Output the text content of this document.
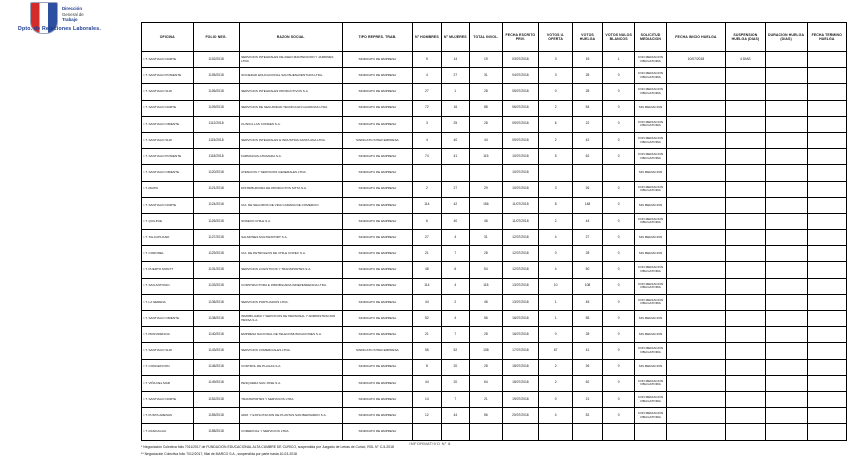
Dirección
General de
Trabajo
Dpto. de Relaciones Laborales.
OFICINA	FOLIO NEG.	RAZON SOCIAL	TIPO REPRES. TRAB.	N° HOMBRES	N° MUJERES	TOTAL INVOL.	FECHA ESCRITO PRIV.	VOTOS U. OFERTA	VOTOS HUELGA	VOTOS NULOS BLANCOS	SOLICITUD MEDIACION	FECHA INICIO HUELGA	SUSPENSION HUELGA (DIAS)	DURACION HUELGA (DIAS)	FECHA TERMINO HUELGA
I.T. SANTIAGO NORTE	1102/2018	SERVICIOS INTEGRALES DE ASEO MANTENCION Y JARDINES LTDA.	SINDICATO DE EMPRESA	5	14	19	03/07/2018	3	15	1	CON MEDIACION OBLIGATORIA	10/07/2018	4 DIAS		
I.T. SANTIAGO PONIENTE	1105/2018	SOCIEDAD EDUCACIONAL SAN BUENAVENTURA LTDA.	SINDICATO DE EMPRESA	4	27	31	04/07/2018	3	28	0	CON MEDIACION OBLIGATORIA				
I.T. SANTIAGO SUR	1106/2018	SERVICIOS INTEGRALES PRODUCTIVOS S.A.	SINDICATO DE EMPRESA	27	1	28	05/07/2018	0	28	0	CON MEDIACION OBLIGATORIA				
I.T. SANTIAGO NORTE	1109/2018	SERVICIOS DE SEGURIDAD TECNICA EN GUARDIAS LTDA.	SINDICATO DE EMPRESA	72	16	88	06/07/2018	2	54	0	SIN MEDIACION				
I.T. SANTIAGO ORIENTE	1112/2018	CLINICA LAS CONDES S.A.	SINDICATO DE EMPRESA	3	25	28	09/07/2018	6	22	0	CON MEDIACION OBLIGATORIA				
I.T. SANTIAGO SUR	1115/2018	SERVICIOS INTEGRALES E INDUSTRIA SANTA ANA LTDA.	SINDICATO INTER EMPRESA	4	40	44	09/07/2018	2	42	0	CON MEDIACION OBLIGATORIA				
I.T. SANTIAGO PONIENTE	1118/2018	FARMACIAS AHUMADA S.A.	SINDICATO DE EMPRESA	74	41	115	10/07/2018	5	62	0	CON MEDIACION OBLIGATORIA				
I.T. SANTIAGO ORIENTE	1120/2018	ATENCION Y SERVICIOS GENERALES LTDA.	SINDICATO DE EMPRESA				10/07/2018				SIN MEDIACION				
I.T. MAIPU	1121/2018	DISTRIBUIDORA DE PRODUCTOS SITTA S.A.	SINDICATO DE EMPRESA	2	27	29	10/07/2018	3	26	0	CON MEDIACION OBLIGATORIA				
I.T. SANTIAGO NORTE	1124/2018	CIA. DE SEGUROS DE VIDA CAMARA DE COMERCIO	SINDICATO DE EMPRESA	114	42	156	11/07/2018	8	148	0	SIN MEDIACION				
I.T. QUILPUE	1126/2018	SODEXO CHILE S.A.	SINDICATO DE EMPRESA	6	40	46	11/07/2018	2	44	0	CON MEDIACION OBLIGATORIA				
I.T. TALCAHUANO	1127/2018	SALMONES MULTIEXPORT S.A.	SINDICATO DE EMPRESA	27	4	31	12/07/2018	4	27	0	SIN MEDIACION				
I.T. CORONEL	1129/2018	CIA. DE PETROLEOS DE CHILE COPEC S.A.	SINDICATO DE EMPRESA	21	7	28	12/07/2018	0	28	0	SIN MEDIACION				
I.T. PUERTO MONTT	1131/2018	SERVICIOS LOGISTICOS Y TRANSPORTES S.A.	SINDICATO DE EMPRESA	48	6	54	12/07/2018	4	50	0	CON MEDIACION OBLIGATORIA				
I.T. SAN ANTONIO	1133/2018	CONSTRUCTORA E INMOBILIARIA INDEPENDENCIA LTDA.	SINDICATO DE EMPRESA	114	4	118	13/07/2018	10	108	0	CON MEDIACION OBLIGATORIA				
I.T. LA SERENA	1136/2018	SERVICIOS PORTUARIOS LTDA.	SINDICATO DE EMPRESA	44	2	46	13/07/2018	1	45	0	CON MEDIACION OBLIGATORIA				
I.T. SANTIAGO ORIENTE	1138/2018	INMOBILIARIA Y SERVICIOS DE PERSONAL Y ADMINISTRACION HESSA S.A.	SINDICATO DE EMPRESA	52	4	56	16/07/2018	1	55	0	SIN MEDIACION				
I.T. PROVIDENCIA	1140/2018	EMPRESA NACIONAL DE TELECOMUNICACIONES S.A.	SINDICATO DE EMPRESA	21	7	28	16/07/2018	0	28	0	SIN MEDIACION				
I.T. SANTIAGO SUR	1143/2018	SERVICIOS COMERCIALES LTDA.	SINDICATO INTER EMPRESA	56	52	108	17/07/2018	67	41	0	CON MEDIACION OBLIGATORIA				
I.T. CONCEPCION	1146/2018	CONTROL DE PLAGAS S.A.	SINDICATO DE EMPRESA	8	20	28	18/07/2018	2	26	0	SIN MEDIACION				
I.T. VIÑA DEL MAR	1149/2018	PESQUERA SAN JOSE S.A.	SINDICATO DE EMPRESA	44	20	64	18/07/2018	2	62	0	CON MEDIACION OBLIGATORIA				
I.T. SANTIAGO NORTE	1152/2018	TRANSPORTES Y SERVICIOS LTDA.	SINDICATO DE EMPRESA	14	7	21	19/07/2018	0	21	0	CON MEDIACION OBLIGATORIA				
I.T. PUNTA ARENAS	1155/2018	ADM. Y EXPLOTACION DE PLANTAS SAN BERNARDO S.A.	SINDICATO DE EMPRESA	12	44	56	20/07/2018	4	52	0	CON MEDIACION OBLIGATORIA				
I.T. RANCAGUA	1158/2018	COMERCIAL Y SERVICIOS LTDA.	SINDICATO DE EMPRESA												
* Negociación Colectiva folio 7011/2017 de FUNDACION EDUCACIONAL ALTA CUMBRE DE CURICO, suspendida por Juzgado de Letras de Curicó, ROL N° C-5-2018
** Negociación Colectiva folio 7012/2017, filial de MARCO S.A., suspendida por parte hasta 10-03-2018
INFORMATIVO N° 8
